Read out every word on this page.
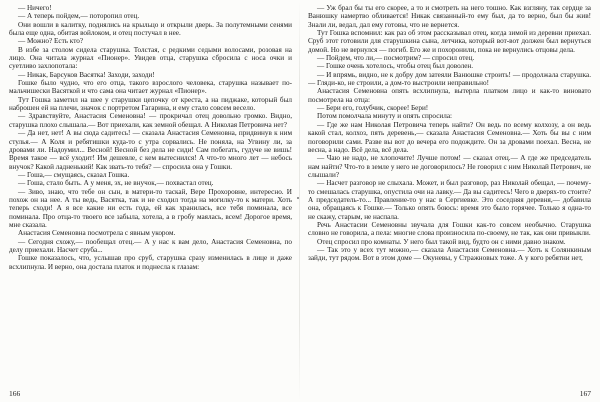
— Ничего!

— А теперь пойдем,— поторопил отец.

Они вошли в калитку, поднялись на крыльцо и открыли дверь. За полутемными сенями была еще одна, обитая войлоком, и отец постучал в нее.

— Можно? Есть кто?

В избе за столом сидела старушка. Толстая, с редкими седыми волосами, розовая на лицо. Она читала журнал «Пионер». Увидев отца, старушка сбросила с носа очки и суетливо захлопотала:

— Никак, Барсуков Васятка! Заходи, заходи!

Гошке было чудно, что его отца, такого взрослого человека, старушка называет по-мальчишески Васяткой и что сама она читает журнал «Пионер».

Тут Гошка заметил на шее у старушки цепочку от креста, а на пиджаке, который был наброшен ей на плечи, значок с портретом Гагарина, и ему стало совсем весело.

— Здравствуйте, Анастасия Семеновна! — прокричал отец довольно громко. Видно, старушка плохо слышала.— Вот приехали, как земной обещал. А Николая Петровича нет?

— Да нет, нет! А вы сюда садитесь! — сказала Анастасия Семеновна, придвинув к ним стулья.— А Коля и ребятишки куда-то с утра сорвались. Не поняла, на Угвину ли, за дровами ли. Надоумил... Весной! Весной без дела не сиди! Сам побегать, гудуче не вишь! Время такое — всё уходит! Им дешевле, с кем вытеснился! А что-то много лет — небось внучок? Какой ладненький! Как звать-то тебя? — спросила она у Гошки.

— Гоша,— смущаясь, сказал Гошка.

— Гоша, стало быть. А у меня, эх, не внучок,— похвастал отец.

— Зиво, знаю, что тебе он сын, в матери-то таскай, Вере Прохоровне, интересно. И похож он на нее. А ты ведь, Васятка, так и не сходил тогда на могилку-то к матери. Хоть теперь сходи! А я все какие ни есть года, ей как хранилась, все тебя поминала, все поминала. Про отца-то твоего все забыла, хотела, а в гробу маялась, всем! Дорогое время, мне сказала.

Анастасия Семеновна посмотрела с явным укором.

— Сегодня схожу,— пообещал отец.— А у нас к вам дело, Анастасия Семеновна, по делу приехали. Насчет сруба...

Гошке показалось, что, услышав про сруб, старушка сразу изменилась в лице и даже всхлипнула. И верно, она достала платок и поднесла к глазам:

166

— Уж брал бы ты его скорее, а то и смотреть на него тошно. Как взгляну, так сердце за Ванюшку намертво обливается! Никак связанный-то ему был, да то верно, был бы жив! Знали ли, ведал, дал ему готовы, что не вернется.

Тут Гошка вспомнил: как раз об этом рассказывал отец, когда зимой из деревни приехал. Сруб этот готовили для старушкина сына, летчика, который вот-вот должен был вернуться домой. Но не вернулся — погиб. Его же и похоронили, пока не вернулись отцовы дела.

— Пойдем, что ли,— посмотрим? — спросил отец.

— Гошке очень хотелось, чтобы отец был доволен.

— И впрямь, видно, не к добру дом затеяли Ванюшке строить! — продолжала старушка.— Гляди-ко, не строили, а дом-то выстроили неправильно!

Анастасия Семеновна опять всхлипнула, вытерла платком лицо и как-то виновато посмотрела на отца:

— Бери его, голубчик, скорее! Бери!

Потом помолчала минуту и опять спросила:

— Где же нам Николая Петровича теперь найти? Он ведь по всему колхозу, а он ведь какой стал, колхоз, пять деревень,— сказала Анастасия Семеновна.— Хоть бы вы с ним поговорили сами. Разве вы вот до вечера его подождите. Он за дровами поехал. Весна, не весна, а надо. Всё дела, всё дела.

— Чаю не надо, не хлопочите! Лучше потом! — сказал отец.— А где же председатель нам найти? Что-то в земле у него не договорилось? Не говорил с ним Николай Петрович, не слышали?

— Насчет разговор не слыхала. Может, и был разговор, раз Николай обещал, — почему-то смешалась старушка, опустила очи на лавку.— Да вы садитесь! Чего в дверях-то стоите? А председатель-то... Правление-то у нас в Сергиевке. Это соседняя деревня,— добавила она, обращаясь к Гошке.— Только опять боюсь: время это было горячее. Только я одна-то не скажу, старым, не наспала.

Речь Анастасии Семеновны звучала для Гошки как-то совсем необычно. Старушка словно не говорила, а пела: многие слова произносила по-своему, не так, как они привыкли.

Отец спросил про комнаты. У него был такой вид, будто он с ними давно знаком.

— Так это у всех тут можно,— сказала Анастасия Семеновна.— Хоть к Солянкиным зайди, тут рядом. Вот в этом доме — Окуневы, у Стражновых тоже. А у кого ребятни нет,

167
